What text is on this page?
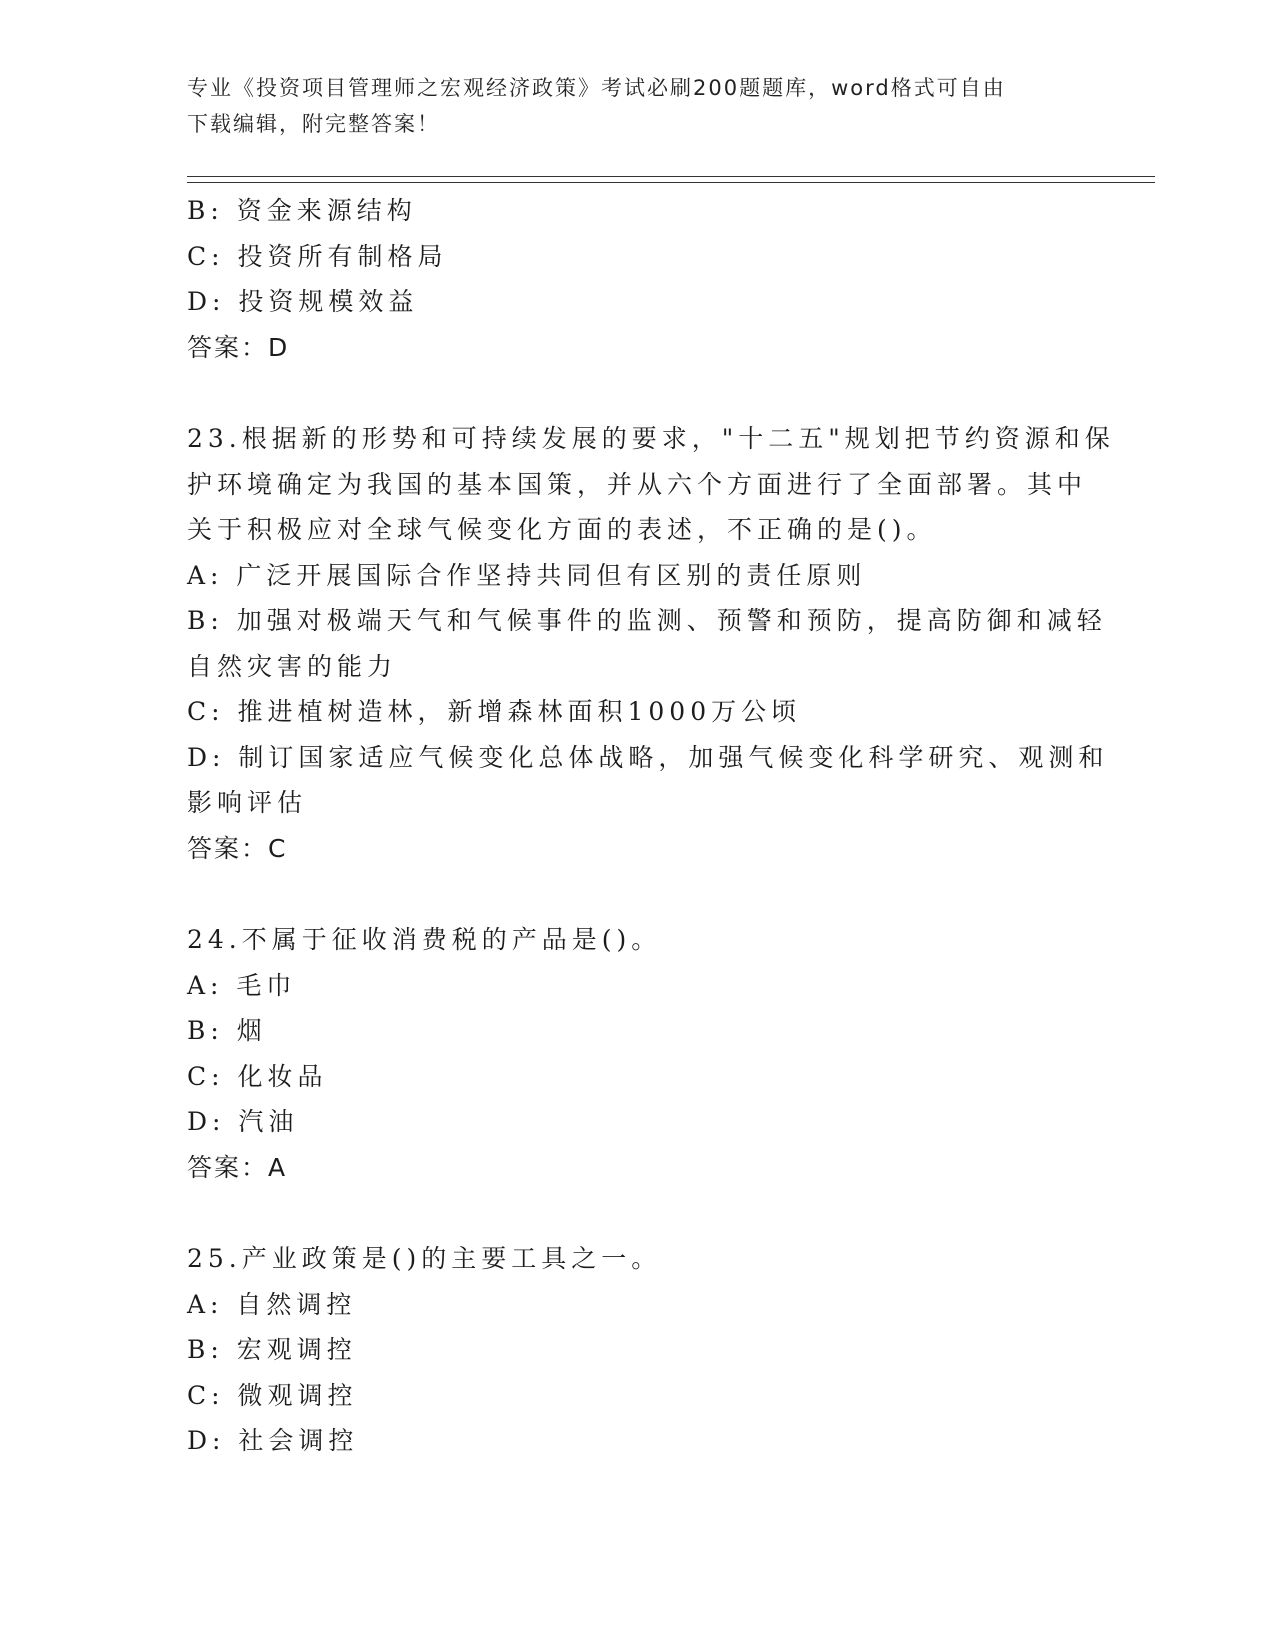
专业《投资项目管理师之宏观经济政策》考试必刷200题题库，word格式可自由
下载编辑，附完整答案！
B: 资金来源结构
C: 投资所有制格局
D: 投资规模效益
答案：D
23.根据新的形势和可持续发展的要求，"十二五"规划把节约资源和保
护环境确定为我国的基本国策，并从六个方面进行了全面部署。其中
关于积极应对全球气候变化方面的表述，不正确的是()。
A: 广泛开展国际合作坚持共同但有区别的责任原则
B: 加强对极端天气和气候事件的监测、预警和预防，提高防御和减轻
自然灾害的能力
C: 推进植树造林，新增森林面积1000万公顷
D: 制订国家适应气候变化总体战略，加强气候变化科学研究、观测和
影响评估
答案：C
24.不属于征收消费税的产品是()。
A: 毛巾
B: 烟
C: 化妆品
D: 汽油
答案：A
25.产业政策是()的主要工具之一。
A: 自然调控
B: 宏观调控
C: 微观调控
D: 社会调控
